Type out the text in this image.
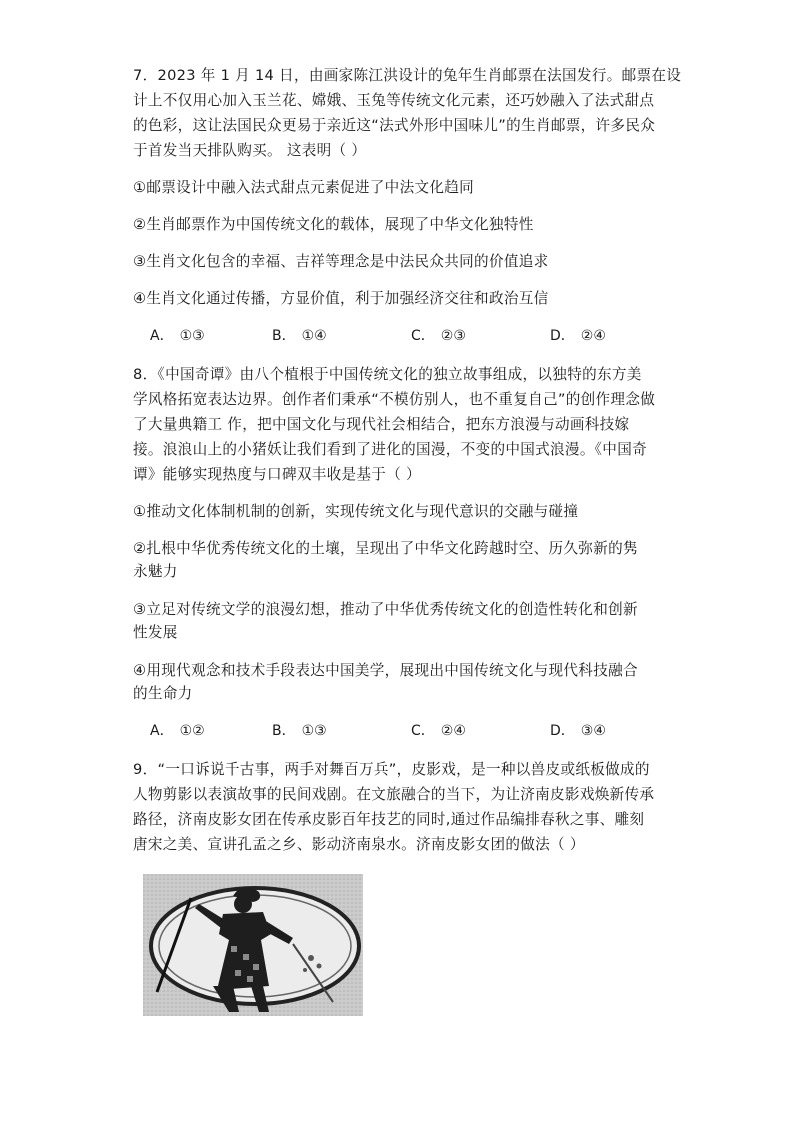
7．2023 年 1 月 14 日，由画家陈江洪设计的兔年生肖邮票在法国发行。邮票在设
计上不仅用心加入玉兰花、嫦娥、玉兔等传统文化元素，还巧妙融入了法式甜点
的色彩，这让法国民众更易于亲近这“法式外形中国味儿”的生肖邮票，许多民众
于首发当天排队购买。 这表明（ ）
①邮票设计中融入法式甜点元素促进了中法文化趋同
②生肖邮票作为中国传统文化的载体，展现了中华文化独特性
③生肖文化包含的幸福、吉祥等理念是中法民众共同的价值追求
④生肖文化通过传播，方显价值，利于加强经济交往和政治互信
A． ①③	B． ①④	C． ②③	D． ②④
8．《中国奇谭》由八个植根于中国传统文化的独立故事组成，以独特的东方美
学风格拓宽表达边界。创作者们秉承“不模仿别人，也不重复自己”的创作理念做
了大量典籍工 作，把中国文化与现代社会相结合，把东方浪漫与动画科技嫁
接。浪浪山上的小猪妖让我们看到了进化的国漫，不变的中国式浪漫。《中国奇
谭》能够实现热度与口碑双丰收是基于（ ）
①推动文化体制机制的创新，实现传统文化与现代意识的交融与碰撞
②扎根中华优秀传统文化的土壤，呈现出了中华文化跨越时空、历久弥新的隽
永魅力
③立足对传统文学的浪漫幻想，推动了中华优秀传统文化的创造性转化和创新
性发展
④用现代观念和技术手段表达中国美学，展现出中国传统文化与现代科技融合
的生命力
A． ①②	B． ①③	C． ②④	D． ③④
9．“一口诉说千古事，两手对舞百万兵”，皮影戏，是一种以兽皮或纸板做成的
人物剪影以表演故事的民间戏剧。在文旅融合的当下，为让济南皮影戏焕新传承
路径，济南皮影女团在传承皮影百年技艺的同时,通过作品编排春秋之事、雕刻
唐宋之美、宣讲孔孟之乡、影动济南泉水。济南皮影女团的做法（ ）
